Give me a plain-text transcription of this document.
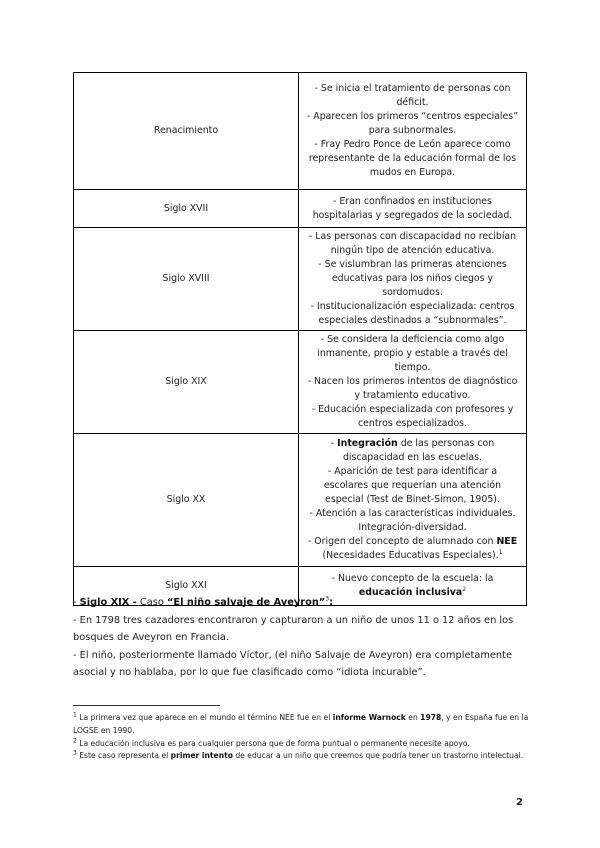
Renacimiento	- Se inicia el tratamiento de personas con déficit.
- Aparecen los primeros “centros especiales” para subnormales.
- Fray Pedro Ponce de León aparece como representante de la educación formal de los mudos en Europa.

Siglo XVII	- Eran confinados en instituciones hospitalarias y segregados de la sociedad.

Siglo XVIII	- Las personas con discapacidad no recibían ningún tipo de atención educativa.
- Se vislumbran las primeras atenciones educativas para los niños ciegos y sordomudos.
- Institucionalización especializada: centros especiales destinados a “subnormales”.

Siglo XIX	- Se considera la deficiencia como algo inmanente, propio y estable a través del tiempo.
- Nacen los primeros intentos de diagnóstico y tratamiento educativo.
- Educación especializada con profesores y centros especializados.

Siglo XX	- Integración de las personas con discapacidad en las escuelas.
- Aparición de test para identificar a escolares que requerían una atención especial (Test de Binet-Simon, 1905).
- Atención a las características individuales. Integración-diversidad.
- Origen del concepto de alumnado con NEE (Necesidades Educativas Especiales).$^1$

Siglo XXI	- Nuevo concepto de la escuela: la educación inclusiva$^2$

- Siglo XIX - Caso “El niño salvaje de Aveyron”$^3$:

- En 1798 tres cazadores encontraron y capturaron a un niño de unos 11 o 12 años en los bosques de Aveyron en Francia.

- El niño, posteriormente llamado Víctor, (el niño Salvaje de Aveyron) era completamente asocial y no hablaba, por lo que fue clasificado como “idiota incurable”.

$^1$ La primera vez que aparece en el mundo el término NEE fue en el informe Warnock en 1978, y en España fue en la LOGSE en 1990.

$^2$ La educación inclusiva es para cualquier persona que de forma puntual o permanente necesite apoyo.

$^3$ Este caso representa el primer intento de educar a un niño que creemos que podría tener un trastorno intelectual.

2
